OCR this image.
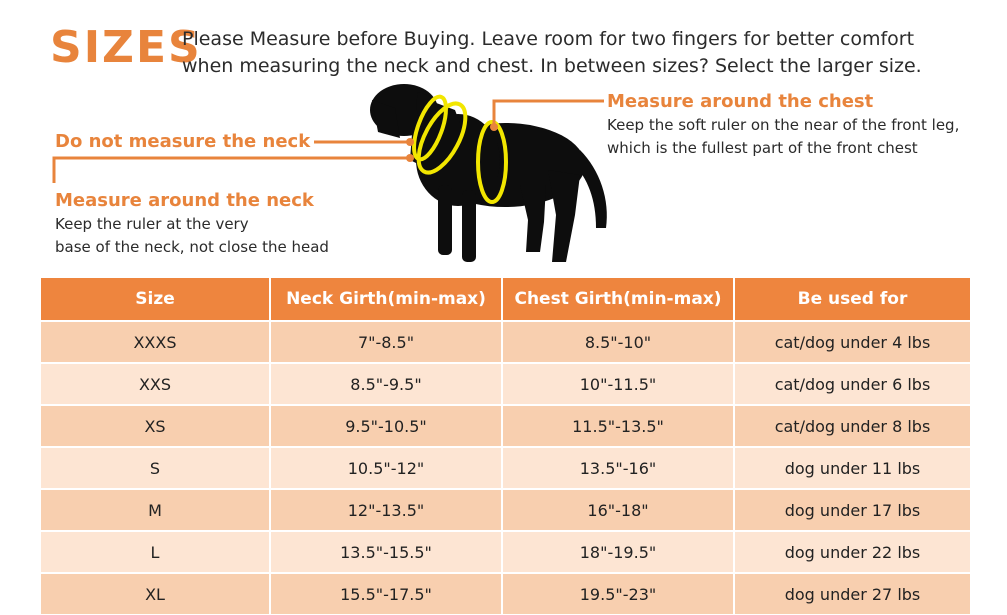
SIZES
Please Measure before Buying. Leave room for two fingers for better comfort
when measuring the neck and chest. In between sizes? Select the larger size.
Do not measure the neck
Measure around the neck
Keep the ruler at the very
base of the neck, not close the head
Measure around the chest
Keep the soft ruler on the near of the front leg,
which is the fullest part of the front chest
Size	Neck Girth(min-max)	Chest Girth(min-max)	Be used for
XXXS	7"-8.5"	8.5"-10"	cat/dog under 4 lbs
XXS	8.5"-9.5"	10"-11.5"	cat/dog under 6 lbs
XS	9.5"-10.5"	11.5"-13.5"	cat/dog under 8 lbs
S	10.5"-12"	13.5"-16"	dog under 11 lbs
M	12"-13.5"	16"-18"	dog under 17 lbs
L	13.5"-15.5"	18"-19.5"	dog under 22 lbs
XL	15.5"-17.5"	19.5"-23"	dog under 27 lbs
